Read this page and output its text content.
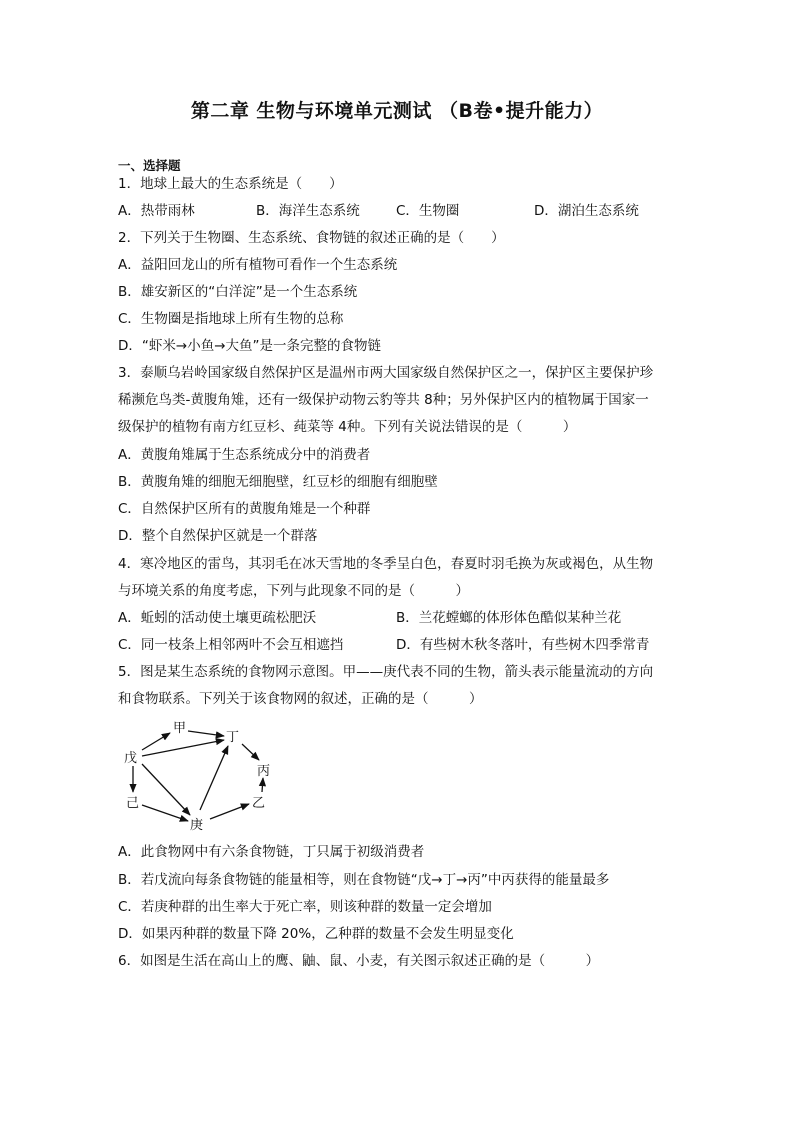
第二章 生物与环境单元测试 （B卷•提升能力）
一、选择题
1．地球上最大的生态系统是（　　）
A．热带雨林	B．海洋生态系统	C．生物圈	D．湖泊生态系统
2．下列关于生物圈、生态系统、食物链的叙述正确的是（　　）
A．益阳回龙山的所有植物可看作一个生态系统
B．雄安新区的“白洋淀”是一个生态系统
C．生物圈是指地球上所有生物的总称
D．“虾米→小鱼→大鱼”是一条完整的食物链
3．泰顺乌岩岭国家级自然保护区是温州市两大国家级自然保护区之一，保护区主要保护珍
稀濒危鸟类-黄腹角雉，还有一级保护动物云豹等共 8种；另外保护区内的植物属于国家一
级保护的植物有南方红豆杉、莼菜等 4种。下列有关说法错误的是（　　　）
A．黄腹角雉属于生态系统成分中的消费者
B．黄腹角雉的细胞无细胞壁，红豆杉的细胞有细胞壁
C．自然保护区所有的黄腹角雉是一个种群
D．整个自然保护区就是一个群落
4．寒冷地区的雷鸟，其羽毛在冰天雪地的冬季呈白色，春夏时羽毛换为灰或褐色，从生物
与环境关系的角度考虑，下列与此现象不同的是（　　　）
A．蚯蚓的活动使土壤更疏松肥沃	B．兰花螳螂的体形体色酷似某种兰花
C．同一枝条上相邻两叶不会互相遮挡	D．有些树木秋冬落叶，有些树木四季常青
5．图是某生态系统的食物网示意图。甲——庚代表不同的生物，箭头表示能量流动的方向
和食物联系。下列关于该食物网的叙述，正确的是（　　　）
甲
丁
戊
丙
己	乙
庚
A．此食物网中有六条食物链，丁只属于初级消费者
B．若戊流向每条食物链的能量相等，则在食物链“戊→丁→丙”中丙获得的能量最多
C．若庚种群的出生率大于死亡率，则该种群的数量一定会增加
D．如果丙种群的数量下降 20%，乙种群的数量不会发生明显变化
6．如图是生活在高山上的鹰、鼬、鼠、小麦，有关图示叙述正确的是（　　　）
